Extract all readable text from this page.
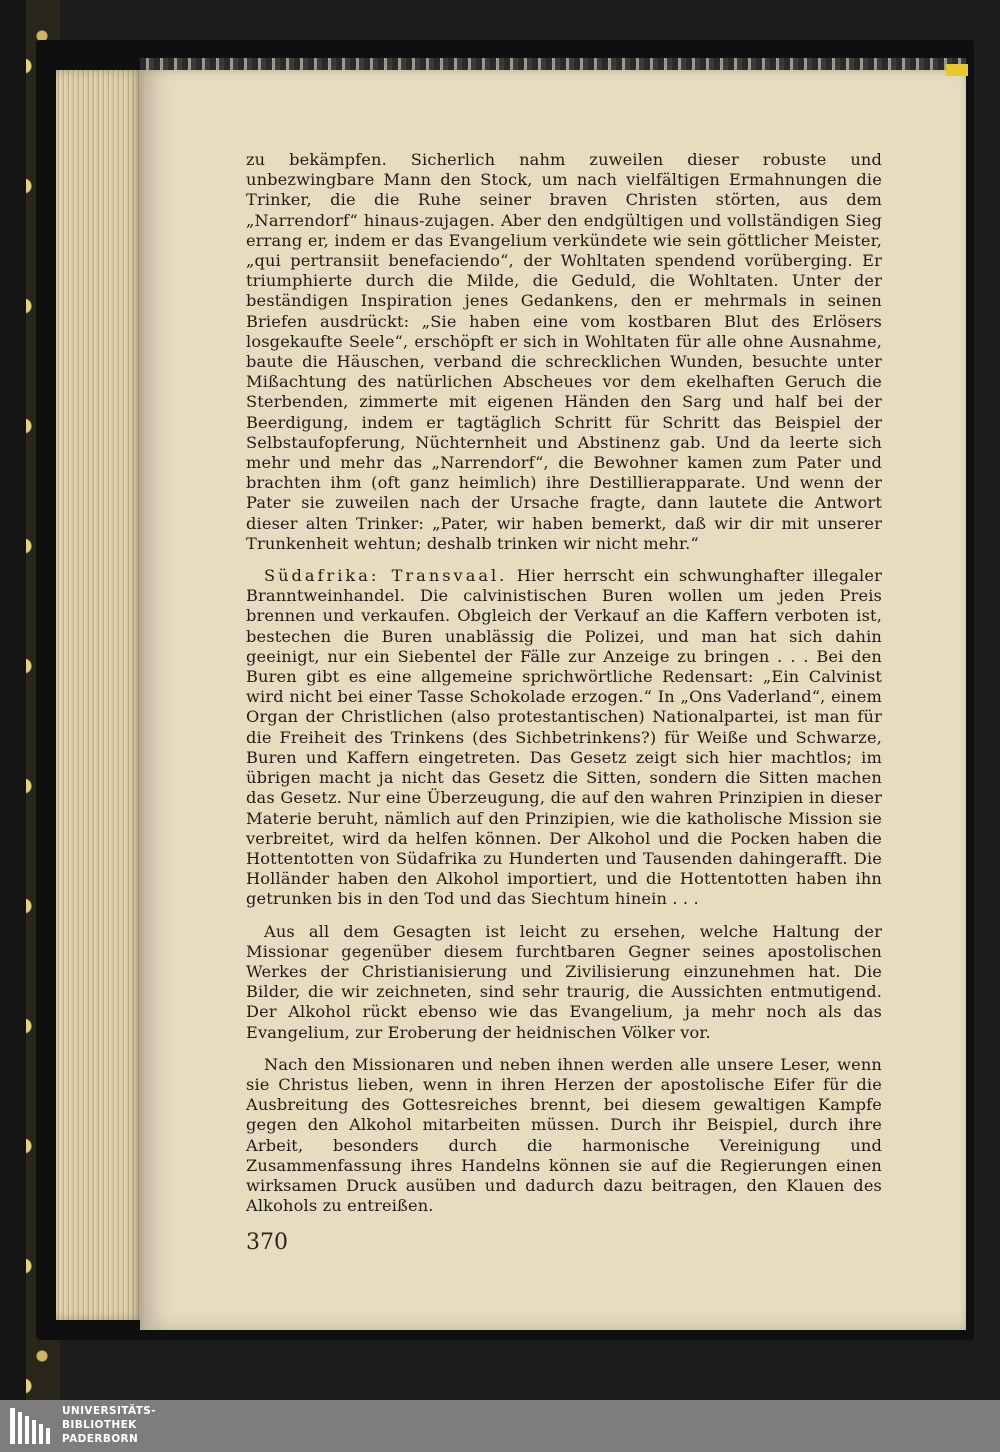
zu bekämpfen. Sicherlich nahm zuweilen dieser robuste und unbezwingbare Mann den Stock, um nach vielfältigen Ermahnungen die Trinker, die die Ruhe seiner braven Christen störten, aus dem „Narrendorf“ hinaus-zujagen. Aber den endgültigen und vollständigen Sieg errang er, indem er das Evangelium verkündete wie sein göttlicher Meister, „qui pertransiit benefaciendo“, der Wohltaten spendend vorüberging. Er triumphierte durch die Milde, die Geduld, die Wohltaten. Unter der beständigen Inspiration jenes Gedankens, den er mehrmals in seinen Briefen ausdrückt: „Sie haben eine vom kostbaren Blut des Erlösers losgekaufte Seele“, erschöpft er sich in Wohltaten für alle ohne Ausnahme, baute die Häuschen, verband die schrecklichen Wunden, besuchte unter Mißachtung des natürlichen Abscheues vor dem ekelhaften Geruch die Sterbenden, zimmerte mit eigenen Händen den Sarg und half bei der Beerdigung, indem er tagtäglich Schritt für Schritt das Beispiel der Selbstaufopferung, Nüchternheit und Abstinenz gab. Und da leerte sich mehr und mehr das „Narrendorf“, die Bewohner kamen zum Pater und brachten ihm (oft ganz heimlich) ihre Destillierapparate. Und wenn der Pater sie zuweilen nach der Ursache fragte, dann lautete die Antwort dieser alten Trinker: „Pater, wir haben bemerkt, daß wir dir mit unserer Trunkenheit wehtun; deshalb trinken wir nicht mehr.“

Südafrika: Transvaal. Hier herrscht ein schwunghafter illegaler Branntweinhandel. Die calvinistischen Buren wollen um jeden Preis brennen und verkaufen. Obgleich der Verkauf an die Kaffern verboten ist, bestechen die Buren unablässig die Polizei, und man hat sich dahin geeinigt, nur ein Siebentel der Fälle zur Anzeige zu bringen . . . Bei den Buren gibt es eine allgemeine sprichwörtliche Redensart: „Ein Calvinist wird nicht bei einer Tasse Schokolade erzogen.“ In „Ons Vaderland“, einem Organ der Christlichen (also protestantischen) Nationalpartei, ist man für die Freiheit des Trinkens (des Sichbetrinkens?) für Weiße und Schwarze, Buren und Kaffern eingetreten. Das Gesetz zeigt sich hier machtlos; im übrigen macht ja nicht das Gesetz die Sitten, sondern die Sitten machen das Gesetz. Nur eine Überzeugung, die auf den wahren Prinzipien in dieser Materie beruht, nämlich auf den Prinzipien, wie die katholische Mission sie verbreitet, wird da helfen können. Der Alkohol und die Pocken haben die Hottentotten von Südafrika zu Hunderten und Tausenden dahingerafft. Die Holländer haben den Alkohol importiert, und die Hottentotten haben ihn getrunken bis in den Tod und das Siechtum hinein . . .

Aus all dem Gesagten ist leicht zu ersehen, welche Haltung der Missionar gegenüber diesem furchtbaren Gegner seines apostolischen Werkes der Christianisierung und Zivilisierung einzunehmen hat. Die Bilder, die wir zeichneten, sind sehr traurig, die Aussichten entmutigend. Der Alkohol rückt ebenso wie das Evangelium, ja mehr noch als das Evangelium, zur Eroberung der heidnischen Völker vor.

Nach den Missionaren und neben ihnen werden alle unsere Leser, wenn sie Christus lieben, wenn in ihren Herzen der apostolische Eifer für die Ausbreitung des Gottesreiches brennt, bei diesem gewaltigen Kampfe gegen den Alkohol mitarbeiten müssen. Durch ihr Beispiel, durch ihre Arbeit, besonders durch die harmonische Vereinigung und Zusammenfassung ihres Handelns können sie auf die Regierungen einen wirksamen Druck ausüben und dadurch dazu beitragen, den Klauen des Alkohols zu entreißen.

370
UNIVERSITÄTS-
BIBLIOTHEK
PADERBORN
